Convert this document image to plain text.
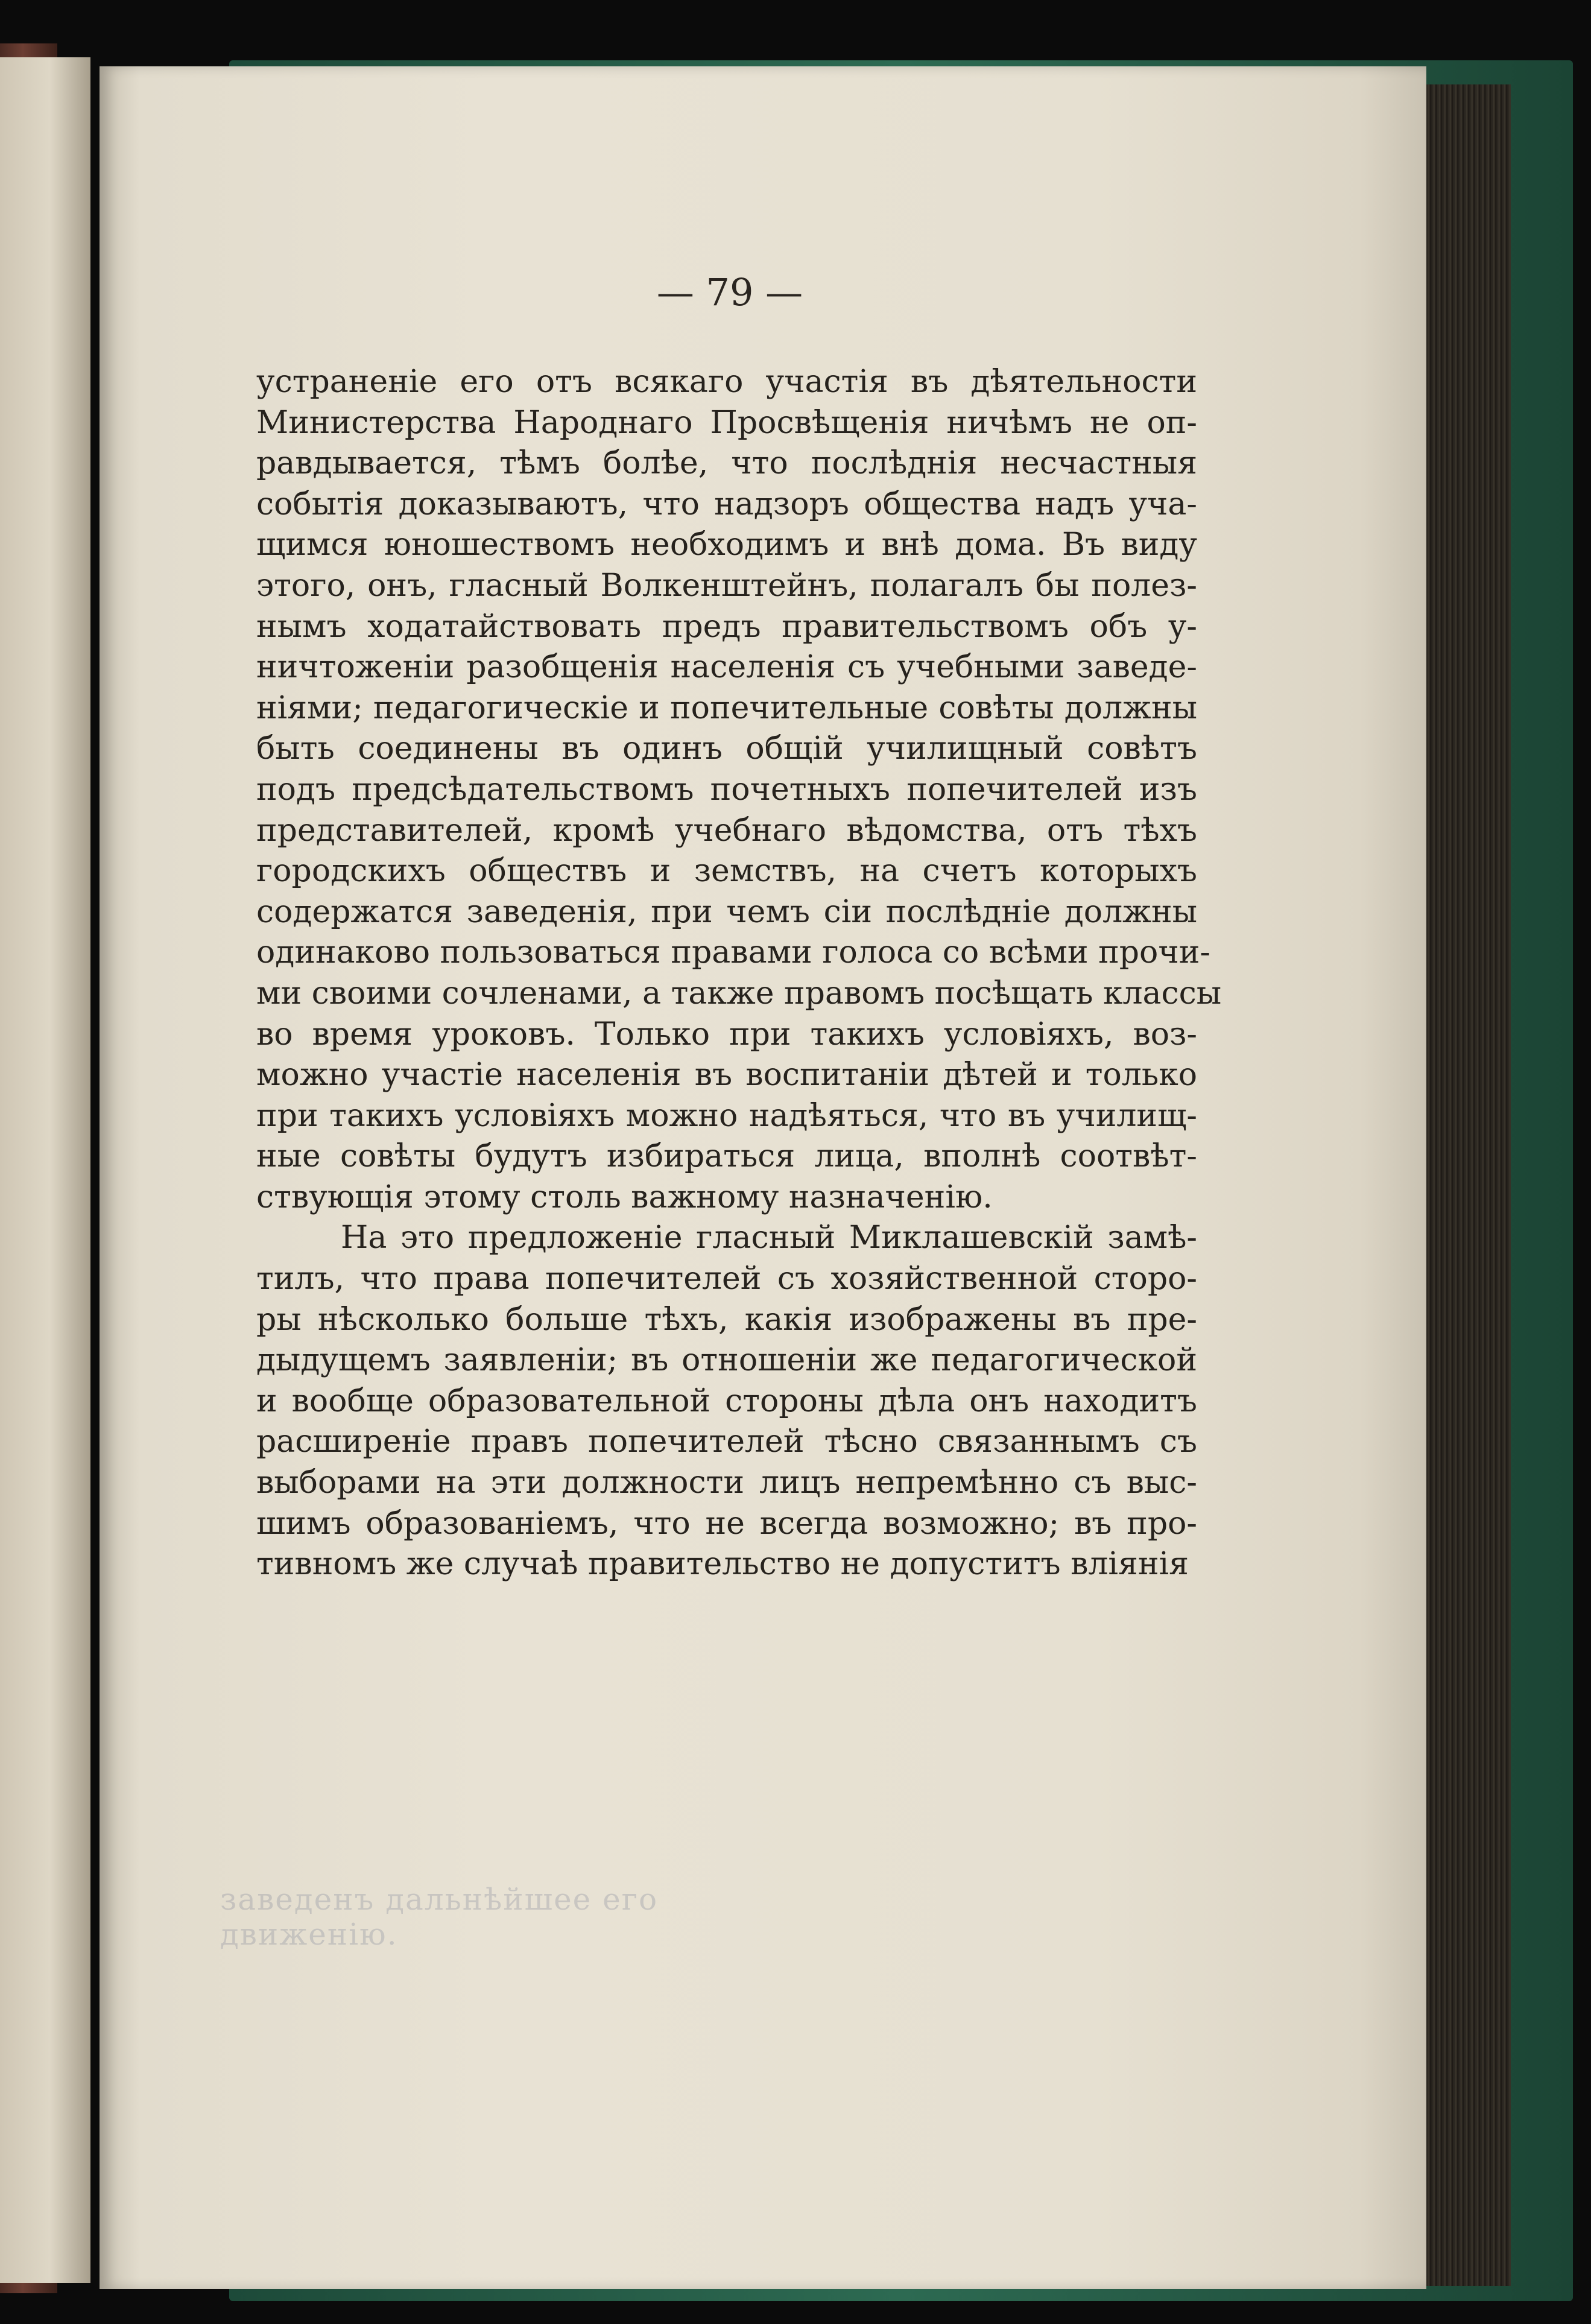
— 79 —
устраненіе его отъ всякаго участія въ дѣятельности
Министерства Народнаго Просвѣщенія ничѣмъ не оп-
равдывается, тѣмъ болѣе, что послѣднія несчастныя
событія доказываютъ, что надзоръ общества надъ уча-
щимся юношествомъ необходимъ и внѣ дома. Въ виду
этого, онъ, гласный Волкенштейнъ, полагалъ бы полез-
нымъ ходатайствовать предъ правительствомъ объ у-
ничтоженіи разобщенія населенія съ учебными заведе-
ніями; педагогическіе и попечительные совѣты должны
быть соединены въ одинъ общій училищный совѣтъ
подъ предсѣдательствомъ почетныхъ попечителей изъ
представителей, кромѣ учебнаго вѣдомства, отъ тѣхъ
городскихъ обществъ и земствъ, на счетъ которыхъ
содержатся заведенія, при чемъ сіи послѣдніе должны
одинаково пользоваться правами голоса со всѣми прочи-
ми своими сочленами, а также правомъ посѣщать классы
во время уроковъ. Только при такихъ условіяхъ, воз-
можно участіе населенія въ воспитаніи дѣтей и только
при такихъ условіяхъ можно надѣяться, что въ училищ-
ные совѣты будутъ избираться лица, вполнѣ соотвѣт-
ствующія этому столь важному назначенію.
На это предложеніе гласный Миклашевскій замѣ-
тилъ, что права попечителей съ хозяйственной сторо-
ры нѣсколько больше тѣхъ, какія изображены въ пре-
дыдущемъ заявленіи; въ отношеніи же педагогической
и вообще образовательной стороны дѣла онъ находитъ
расширеніе правъ попечителей тѣсно связаннымъ съ
выборами на эти должности лицъ непремѣнно съ выс-
шимъ образованіемъ, что не всегда возможно; въ про-
тивномъ же случаѣ правительство не допуститъ вліянія
заведенъ дальнѣйшее его движенію.
